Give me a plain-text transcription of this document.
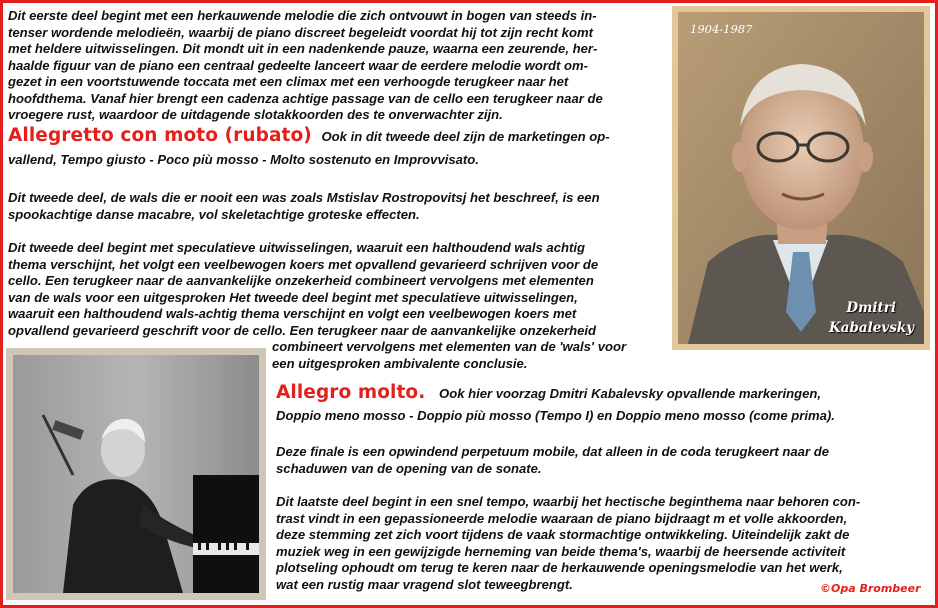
Dit eerste deel begint met een herkauwende melodie die zich ontvouwt in bogen van steeds in-
tenser wordende melodieën, waarbij de piano discreet begeleidt voordat hij tot zijn recht komt
met heldere uitwisselingen. Dit mondt uit in een nadenkende pauze, waarna een zeurende, her-
haalde figuur van de piano een centraal gedeelte lanceert waar de eerdere melodie wordt om-
gezet in een voortstuwende toccata met een climax met een verhoogde terugkeer naar het
hoofdthema. Vanaf hier brengt een cadenza achtige passage van de cello een terugkeer naar de
vroegere rust, waardoor de uitdagende slotakkoorden des te onverwachter zijn.
Allegretto con moto (rubato) Ook in dit tweede deel zijn de marketingen op-
vallend, Tempo giusto - Poco più mosso - Molto sostenuto en Improvvisato.
Dit tweede deel, de wals die er nooit een was zoals Mstislav Rostropovitsj het beschreef, is een
spookachtige danse macabre, vol skeletachtige groteske effecten.
Dit tweede deel begint met speculatieve uitwisselingen, waaruit een halthoudend wals achtig
thema verschijnt, het volgt een veelbewogen koers met opvallend gevarieerd schrijven voor de
cello. Een terugkeer naar de aanvankelijke onzekerheid combineert vervolgens met elementen
van de wals voor een uitgesproken Het tweede deel begint met speculatieve uitwisselingen,
waaruit een halthoudend wals-achtig thema verschijnt en volgt een veelbewogen koers met
opvallend gevarieerd geschrift voor de cello. Een terugkeer naar de aanvankelijke onzekerheid
combineert vervolgens met elementen van de 'wals' voor
een uitgesproken ambivalente conclusie.
Allegro molto. Ook hier voorzag Dmitri Kabalevsky opvallende markeringen,
Doppio meno mosso - Doppio più mosso (Tempo I) en Doppio meno mosso (come prima).
Deze finale is een opwindend perpetuum mobile, dat alleen in de coda terugkeert naar de
schaduwen van de opening van de sonate.
Dit laatste deel begint in een snel tempo, waarbij het hectische beginthema naar behoren con-
trast vindt in een gepassioneerde melodie waaraan de piano bijdraagt m et volle akkoorden,
deze stemming zet zich voort tijdens de vaak stormachtige ontwikkeling. Uiteindelijk zakt de
muziek weg in een gewijzigde herneming van beide thema's, waarbij de heersende activiteit
plotseling ophoudt om terug te keren naar de herkauwende openingsmelodie van het werk,
wat een rustig maar vragend slot teweegbrengt.
1904-1987
Dmitri
Kabalevsky
©Opa Brombeer
